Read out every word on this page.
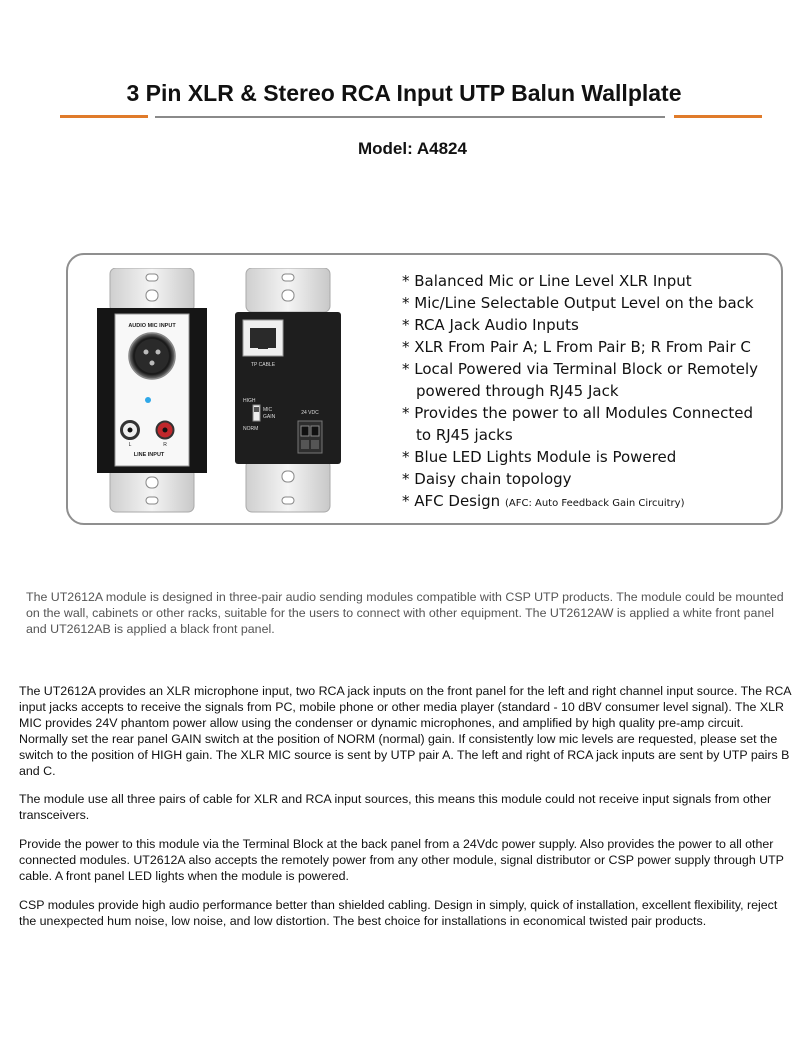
3 Pin XLR & Stereo RCA Input UTP Balun Wallplate
Model: A4824
AUDIO MIC INPUT
L	R
LINE INPUT
TP CABLE
HIGH
MIC
GAIN
NORM
24 VDC
* Balanced Mic or Line Level XLR Input
* Mic/Line Selectable Output Level on the back
* RCA Jack Audio Inputs
* XLR From Pair A; L From Pair B; R From Pair C
* Local Powered via Terminal Block or Remotely
powered through RJ45 Jack
* Provides the power to all Modules Connected
to RJ45 jacks
* Blue LED Lights Module is Powered
* Daisy chain topology
* AFC Design (AFC: Auto Feedback Gain Circuitry)
The UT2612A module is designed in three-pair audio sending modules compatible with CSP UTP products. The module could be mounted on the wall, cabinets or other racks, suitable for the users to connect with other equipment. The UT2612AW is applied a white front panel and UT2612AB is applied a black front panel.

The UT2612A provides an XLR microphone input, two RCA jack inputs on the front panel for the left and right channel input source. The RCA input jacks accepts to receive the signals from PC, mobile phone or other media player (standard - 10 dBV consumer level signal). The XLR MIC provides 24V phantom power allow using the condenser or dynamic microphones, and amplified by high quality pre-amp circuit. Normally set the rear panel GAIN switch at the position of NORM (normal) gain. If consistently low mic levels are requested, please set the switch to the position of HIGH gain. The XLR MIC source is sent by UTP pair A. The left and right of RCA jack inputs are sent by UTP pairs B and C.

The module use all three pairs of cable for XLR and RCA input sources, this means this module could not receive input signals from other transceivers.

Provide the power to this module via the Terminal Block at the back panel from a 24Vdc power supply. Also provides the power to all other connected modules. UT2612A also accepts the remotely power from any other module, signal distributor or CSP power supply through UTP cable. A front panel LED lights when the module is powered.

CSP modules provide high audio performance better than shielded cabling. Design in simply, quick of installation, excellent flexibility, reject the unexpected hum noise, low noise, and low distortion. The best choice for installations in economical twisted pair products.
